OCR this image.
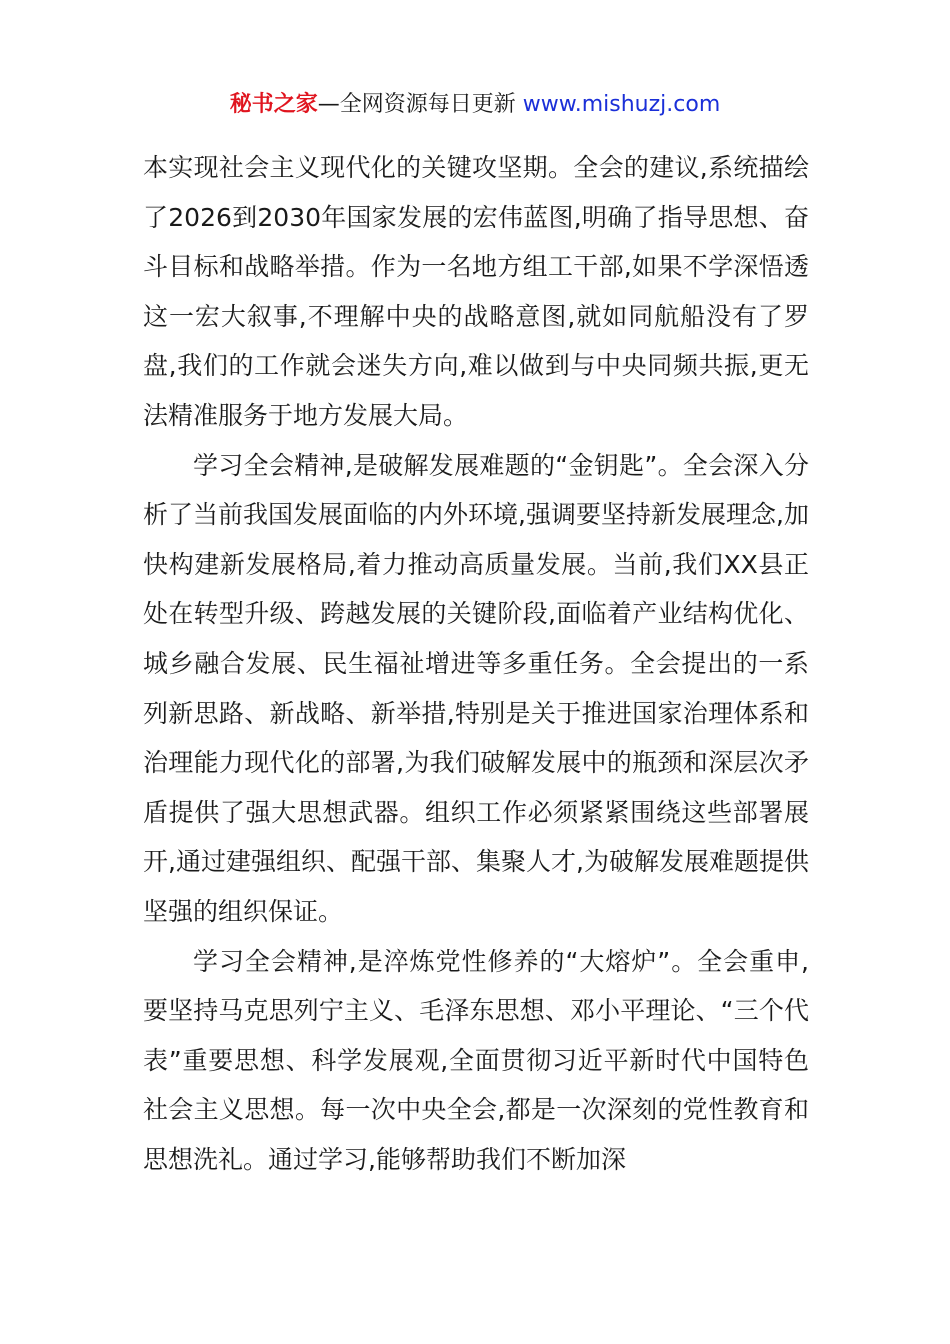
秘书之家—全网资源每日更新 www.mishuzj.com

本实现社会主义现代化的关键攻坚期。全会的建议,系统描绘了2026到2030年国家发展的宏伟蓝图,明确了指导思想、奋斗目标和战略举措。作为一名地方组工干部,如果不学深悟透这一宏大叙事,不理解中央的战略意图,就如同航船没有了罗盘,我们的工作就会迷失方向,难以做到与中央同频共振,更无法精准服务于地方发展大局。

学习全会精神,是破解发展难题的“金钥匙”。全会深入分析了当前我国发展面临的内外环境,强调要坚持新发展理念,加快构建新发展格局,着力推动高质量发展。当前,我们XX县正处在转型升级、跨越发展的关键阶段,面临着产业结构优化、城乡融合发展、民生福祉增进等多重任务。全会提出的一系列新思路、新战略、新举措,特别是关于推进国家治理体系和治理能力现代化的部署,为我们破解发展中的瓶颈和深层次矛盾提供了强大思想武器。组织工作必须紧紧围绕这些部署展开,通过建强组织、配强干部、集聚人才,为破解发展难题提供坚强的组织保证。

学习全会精神,是淬炼党性修养的“大熔炉”。全会重申,要坚持马克思列宁主义、毛泽东思想、邓小平理论、“三个代表”重要思想、科学发展观,全面贯彻习近平新时代中国特色社会主义思想。每一次中央全会,都是一次深刻的党性教育和思想洗礼。通过学习,能够帮助我们不断加深
